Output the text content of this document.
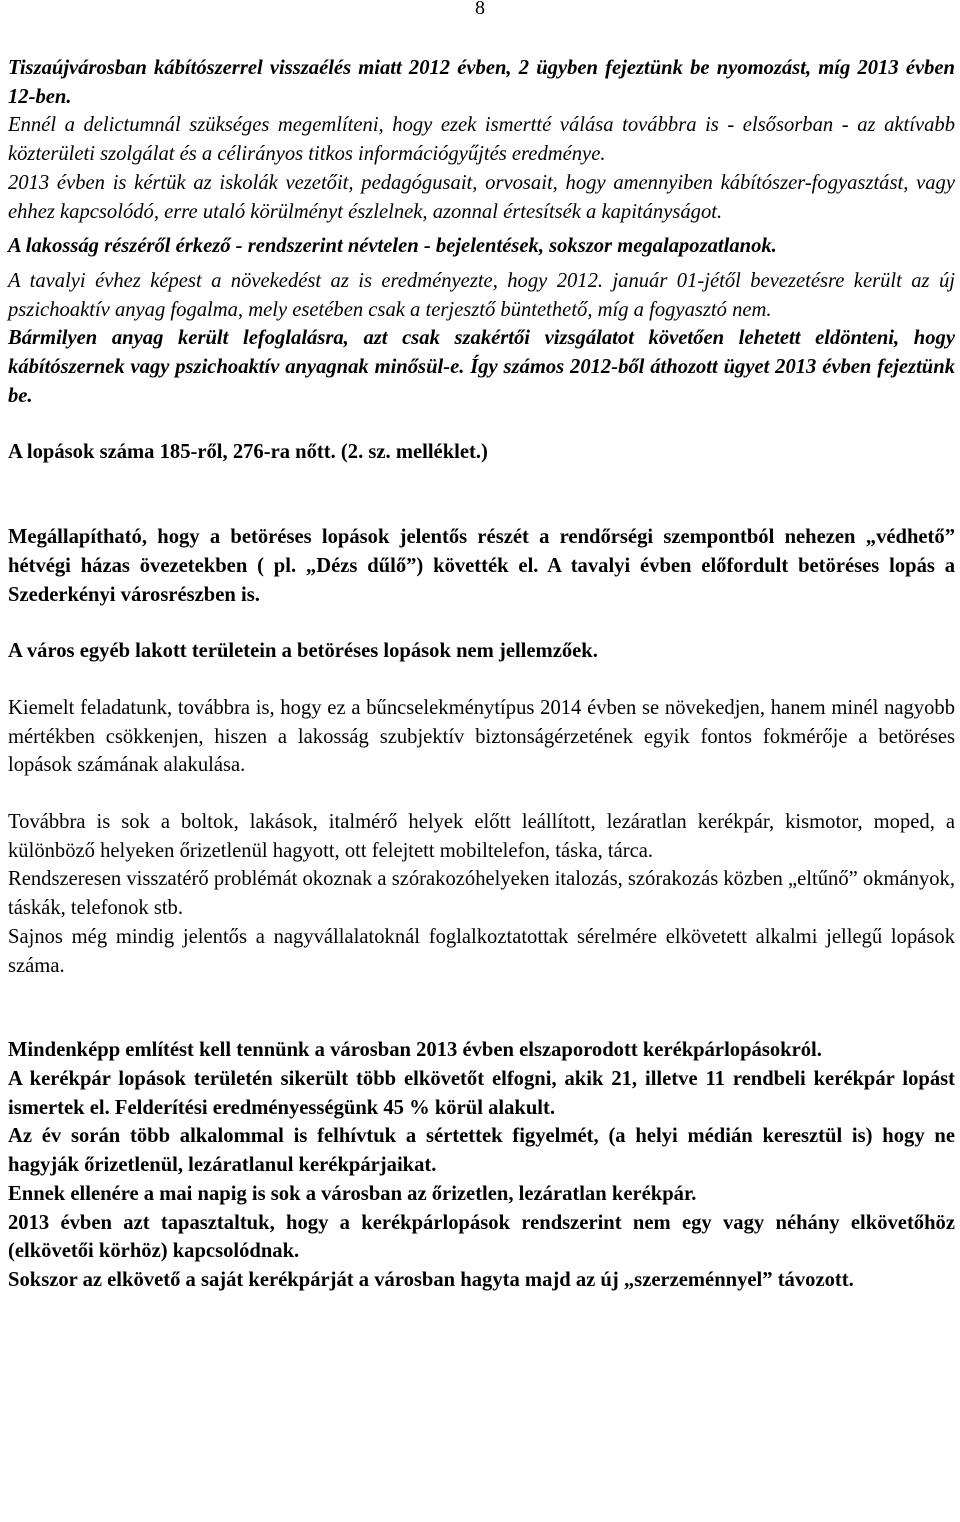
8

Tiszaújvárosban kábítószerrel visszaélés miatt 2012 évben, 2 ügyben fejeztünk be nyomozást, míg 2013 évben 12-ben.

Ennél a delictumnál szükséges megemlíteni, hogy ezek ismertté válása továbbra is - elsősorban - az aktívabb közterületi szolgálat és a célirányos titkos információgyűjtés eredménye.

2013 évben is kértük az iskolák vezetőit, pedagógusait, orvosait, hogy amennyiben kábítószer-fogyasztást, vagy ehhez kapcsolódó, erre utaló körülményt észlelnek, azonnal értesítsék a kapitányságot.

A lakosság részéről érkező - rendszerint névtelen - bejelentések, sokszor megalapozatlanok.

A tavalyi évhez képest a növekedést az is eredményezte, hogy 2012. január 01-jétől bevezetésre került az új pszichoaktív anyag fogalma, mely esetében csak a terjesztő büntethető, míg a fogyasztó nem.

Bármilyen anyag került lefoglalásra, azt csak szakértői vizsgálatot követően lehetett eldönteni, hogy kábítószernek vagy pszichoaktív anyagnak minősül-e. Így számos 2012-ből áthozott ügyet 2013 évben fejeztünk be.

A lopások száma 185-ről, 276-ra nőtt. (2. sz. melléklet.)

Megállapítható, hogy a betöréses lopások jelentős részét a rendőrségi szempontból nehezen „védhető” hétvégi házas övezetekben ( pl. „Dézs dűlő”) követték el. A tavalyi évben előfordult betöréses lopás a Szederkényi városrészben is.

A város egyéb lakott területein a betöréses lopások nem jellemzőek.

Kiemelt feladatunk, továbbra is, hogy ez a bűncselekménytípus 2014 évben se növekedjen, hanem minél nagyobb mértékben csökkenjen, hiszen a lakosság szubjektív biztonságérzetének egyik fontos fokmérője a betöréses lopások számának alakulása.

Továbbra is sok a boltok, lakások, italmérő helyek előtt leállított, lezáratlan kerékpár, kismotor, moped, a különböző helyeken őrizetlenül hagyott, ott felejtett mobiltelefon, táska, tárca.

Rendszeresen visszatérő problémát okoznak a szórakozóhelyeken italozás, szórakozás közben „eltűnő” okmányok, táskák, telefonok stb.

Sajnos még mindig jelentős a nagyvállalatoknál foglalkoztatottak sérelmére elkövetett alkalmi jellegű lopások száma.

Mindenképp említést kell tennünk a városban 2013 évben elszaporodott kerékpárlopásokról.

A kerékpár lopások területén sikerült több elkövetőt elfogni, akik 21, illetve 11 rendbeli kerékpár lopást ismertek el. Felderítési eredményességünk 45 % körül alakult.

Az év során több alkalommal is felhívtuk a sértettek figyelmét, (a helyi médián keresztül is) hogy ne hagyják őrizetlenül, lezáratlanul kerékpárjaikat.

Ennek ellenére a mai napig is sok a városban az őrizetlen, lezáratlan kerékpár.

2013 évben azt tapasztaltuk, hogy a kerékpárlopások rendszerint nem egy vagy néhány elkövetőhöz (elkövetői körhöz) kapcsolódnak.

Sokszor az elkövető a saját kerékpárját a városban hagyta majd az új „szerzeménnyel” távozott.
